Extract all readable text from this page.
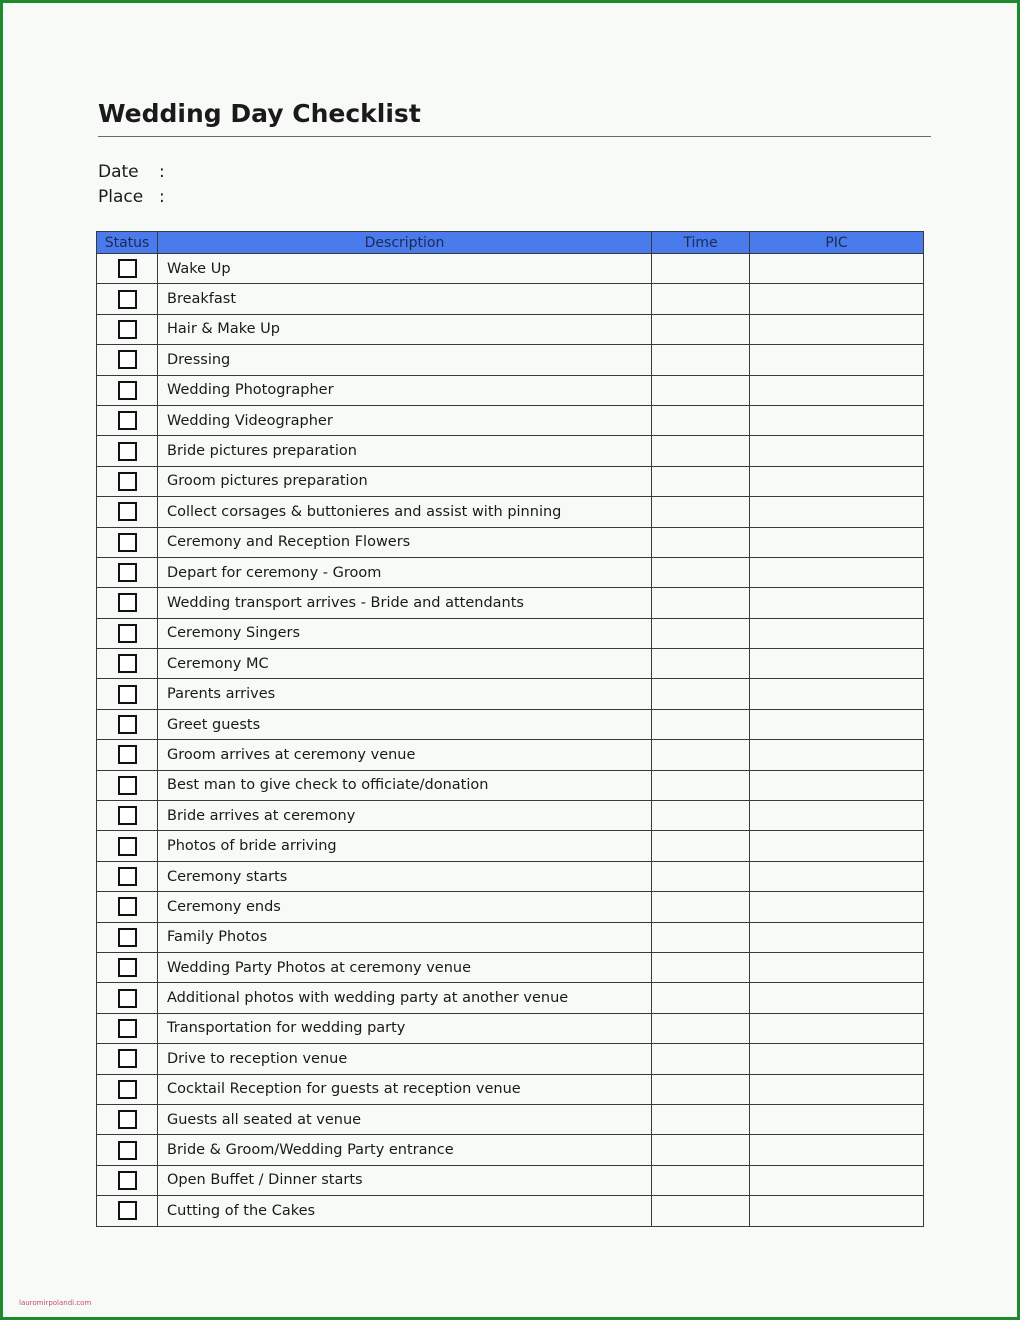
Wedding Day Checklist
Date :
Place :
Status	Description	Time	PIC
	Wake Up		
	Breakfast		
	Hair & Make Up		
	Dressing		
	Wedding Photographer		
	Wedding Videographer		
	Bride pictures preparation		
	Groom pictures preparation		
	Collect corsages & buttonieres and assist with pinning		
	Ceremony and Reception Flowers		
	Depart for ceremony - Groom		
	Wedding transport arrives - Bride and attendants		
	Ceremony Singers		
	Ceremony MC		
	Parents arrives		
	Greet guests		
	Groom arrives at ceremony venue		
	Best man to give check to officiate/donation		
	Bride arrives at ceremony		
	Photos of bride arriving		
	Ceremony starts		
	Ceremony ends		
	Family Photos		
	Wedding Party Photos at ceremony venue		
	Additional photos with wedding party at another venue		
	Transportation for wedding party		
	Drive to reception venue		
	Cocktail Reception for guests at reception venue		
	Guests all seated at venue		
	Bride & Groom/Wedding Party entrance		
	Open Buffet / Dinner starts		
	Cutting of the Cakes		
lauromirpolandi.com
